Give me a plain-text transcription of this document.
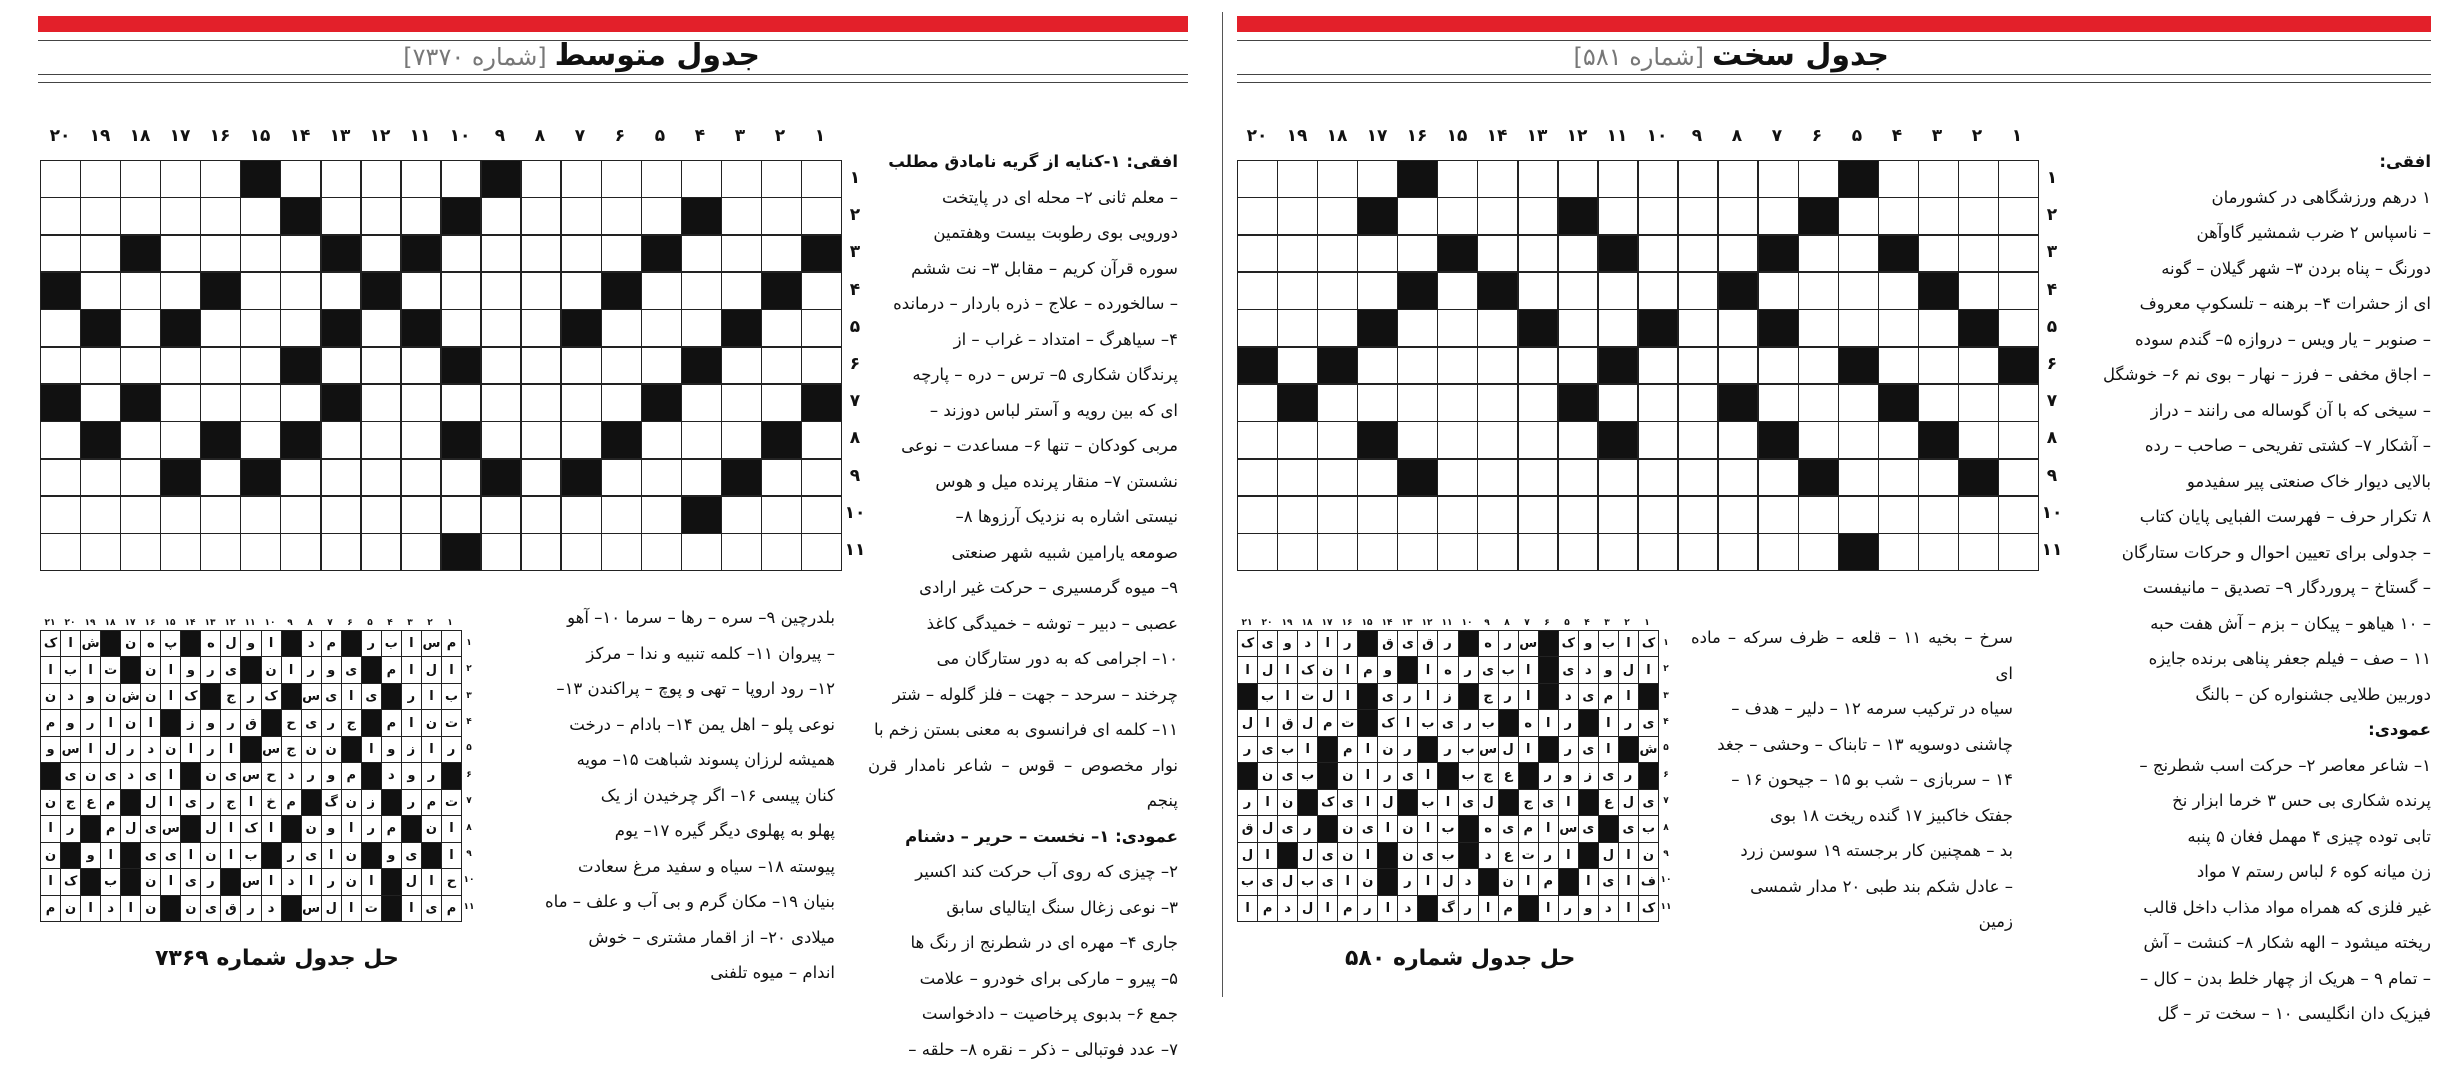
جدول متوسط[شماره ۷۳۷۰]
۱
۲
۳
۴
۵
۶
۷
۸
۹
۱۰
۱۱
۱۲
۱۳
۱۴
۱۵
۱۶
۱۷
۱۸
۱۹
۲۰
۱
۲
۳
۴
۵
۶
۷
۸
۹
۱۰
۱۱

افقی: ۱-کنایه از گریه نامادق مطلب

– معلم ثانی ۲– محله ای در پایتخت

دورویی بوی رطوبت بیست وهفتمین

سوره قرآن کریم – مقابل ۳– نت ششم

– سالخورده – علاج – ذره باردار – درمانده

۴– سیاهرگ – امتداد – غراب – از

پرندگان شکاری ۵– ترس – دره – پارچه

ای که بین رویه و آستر لباس دوزند –

مربی کودکان – تنها ۶– مساعدت – نوعی

نشستن ۷– منقار پرنده میل و هوس

نیستی اشاره به نزدیک آرزوها ۸–

صومعه یارامین شبیه شهر صنعتی

۹– میوه گرمسیری – حرکت غیر ارادی

عصبی – دبیر – توشه – خمیدگی کاغذ

۱۰– اجرامی که به دور ستارگان می

چرخند – سرحد – جهت – فلز گلوله – شتر

۱۱– کلمه ای فرانسوی به معنی بستن زخم با

نوار مخصوص – قوس – شاعر نامدار قرن پنجم

عمودی: ۱– نخست – حریر – دشنام

۲– چیزی که روی آب حرکت کند اکسیر

۳– نوعی زغال سنگ ایتالیای سابق

جاری ۴– مهره ای در شطرنج از رنگ ها

۵– پیرو – مارکی برای خودرو – علامت

جمع ۶– بدبوی پرخاصیت – دادخواست

۷– عدد فوتبالی – ذکر – نقره ۸– حلقه –

بلدرچین ۹– سره – رها – سرما ۱۰– آهو

– پیروان ۱۱– کلمه تنبیه و ندا – مرکز

۱۲– رود اروپا – تهی و پوچ – پراکندن ۱۳–

نوعی پلو – اهل یمن ۱۴– بادام – درخت

همیشه لرزان پسوند شباهت ۱۵– مویه

کنان پیسی ۱۶– اگر چرخیدن از یک

پهلو به پهلوی دیگر گیره ۱۷– یوم

پیوسته ۱۸– سیاه و سفید مرغ سعادت

بنیان ۱۹– مکان گرم و بی آب و علف – ماه

میلادی ۲۰– از اقمار مشتری – خوش

اندام – میوه تلفنی

۱
۲
۳
۴
۵
۶
۷
۸
۹
۱۰
۱۱
۱۲
۱۳
۱۴
۱۵
۱۶
۱۷
۱۸
۱۹
۲۰
۲۱
۱
۲
۳
۴
۵
۶
۷
۸
۹
۱۰
۱۱
م
س
ا
ب
ر
م
د
ا
و
ل
ه
پ
ه
ن
ش
ا
ک
ا
ل
ا
م
ی
و
ر
ا
ن
ی
ر
و
ا
ن
ت
ا
ب
ا
ب
ا
ر
ی
ا
ی
س
ک
ر
ج
ک
ا
ن
ش
ن
و
د
ن
ت
ن
ا
م
ج
ر
ی
ح
ق
ر
و
ز
ا
ن
ا
ر
و
م
ر
ا
ز
و
ا
ن
ن
ج
س
ا
ر
ا
ن
د
ر
ل
ا
س
و
ر
و
د
م
و
ر
د
ح
س
ی
ن
ا
ی
د
ی
ن
ی
ت
م
ر
ز
ن
گ
م
خ
ا
ج
ر
ی
ا
ل
م
ع
ج
ن
ا
ن
م
ر
ا
و
ن
ا
ک
ا
ل
س
ی
ل
م
ر
ا
ا
ی
و
ن
ا
ی
ر
ب
ا
ن
ا
ی
ی
ا
و
ن
ح
ا
ل
ا
ن
ر
ا
د
ا
س
ر
ی
ا
ن
ب
ک
ا
م
ی
ا
ت
ا
ل
س
د
ر
ق
ی
ن
ن
ا
د
ا
ن
م
حل جدول شماره ۷۳۶۹
جدول سخت[شماره ۵۸۱]
۱
۲
۳
۴
۵
۶
۷
۸
۹
۱۰
۱۱
۱۲
۱۳
۱۴
۱۵
۱۶
۱۷
۱۸
۱۹
۲۰
۱
۲
۳
۴
۵
۶
۷
۸
۹
۱۰
۱۱

افقی:

۱ درهم ورزشگاهی در کشورمان

– ناسپاس ۲ ضرب شمشیر گاوآهن

دورنگ – پناه بردن ۳– شهر گیلان – گونه

ای از حشرات ۴– برهنه – تلسکوپ معروف

– صنوبر – یار ویس – دروازه ۵– گندم سوده

– اجاق مخفی – فرز – نهار – بوی نم ۶– خوشگل

– سیخی که با آن گوساله می رانند – دراز

– آشکار ۷– کشتی تفریحی – صاحب – رده

بالایی دیوار خاک صنعتی پیر سفیدمو

۸ تکرار حرف – فهرست الفبایی پایان کتاب

– جدولی برای تعیین احوال و حرکات ستارگان

– گستاخ – پروردگار ۹– تصدیق – مانیفست

– ۱۰ هیاهو – پیکان – بزم – آش هفت حبه

۱۱ – صف – فیلم جعفر پناهی برنده جایزه

دوربین طلایی جشنواره کن – بالنگ

عمودی:

۱– شاعر معاصر ۲– حرکت اسب شطرنج –

پرنده شکاری بی حس ۳ خرما ابزار نخ

تابی توده چیزی ۴ مهمل فغان ۵ پنبه

زن میانه کوه ۶ لباس رستم ۷ مواد

غیر فلزی که همراه مواد مذاب داخل قالب

ریخته میشود – الهه شکار ۸– کنشت – آش

– تمام ۹ – هریک از چهار خلط بدن – کال –

فیزیک دان انگلیسی ۱۰ – سخت تر – گل

سرخ – بخیه ۱۱ – قلعه – ظرف سرکه – ماده ای

سیاه در ترکیب سرمه ۱۲ – دلیر – هدف –

چاشنی دوسویه ۱۳ – تابناک – وحشی – جغد

۱۴ – سربازی – شب بو ۱۵ – جیحون ۱۶ –

جفتک خاکبیز ۱۷ گنده ریخت ۱۸ بوی

بد – همچنین کار برجسته ۱۹ سوسن زرد

– عادل شکم بند طبی ۲۰ مدار شمسی

زمین

۱
۲
۳
۴
۵
۶
۷
۸
۹
۱۰
۱۱
۱۲
۱۳
۱۴
۱۵
۱۶
۱۷
۱۸
۱۹
۲۰
۲۱
۱
۲
۳
۴
۵
۶
۷
۸
۹
۱۰
۱۱
ک
ا
ب
و
ک
س
ر
ه
ر
ق
ی
ق
ر
ا
د
و
ی
ک
ا
ل
و
د
ی
ا
ب
ی
ر
ه
ا
و
م
ا
ن
ک
ا
ل
ا
ا
م
ی
د
ا
ر
ج
ز
ا
ر
ی
ا
ل
ت
ا
ب
ی
ر
ا
ر
ا
ه
ب
ر
ی
ب
ا
ک
ت
م
ل
ق
ا
ل
ش
ا
ی
ر
ا
ل
س
ب
ر
ر
ن
ا
م
ا
ب
ی
ر
ر
ی
ز
و
ر
ع
ج
ب
ا
ی
ر
ا
ن
ب
ی
ن
ی
ل
ع
ا
ی
ج
ل
ی
ا
ب
ل
ا
ی
ک
ن
ا
ر
ب
ی
ی
س
ا
م
ی
ه
ب
ا
ن
ا
ی
ن
ر
ی
ل
ق
ن
ا
ل
ا
ر
ت
ع
د
ب
ی
ن
ا
ن
ی
ل
ا
ل
ف
ا
ی
ا
م
ا
ن
د
ل
ا
ر
ن
ا
ی
ب
ل
ی
ب
ک
ا
د
و
ر
ا
م
ا
ر
گ
د
ا
ر
م
ا
ل
د
م
ا
حل جدول شماره ۵۸۰
